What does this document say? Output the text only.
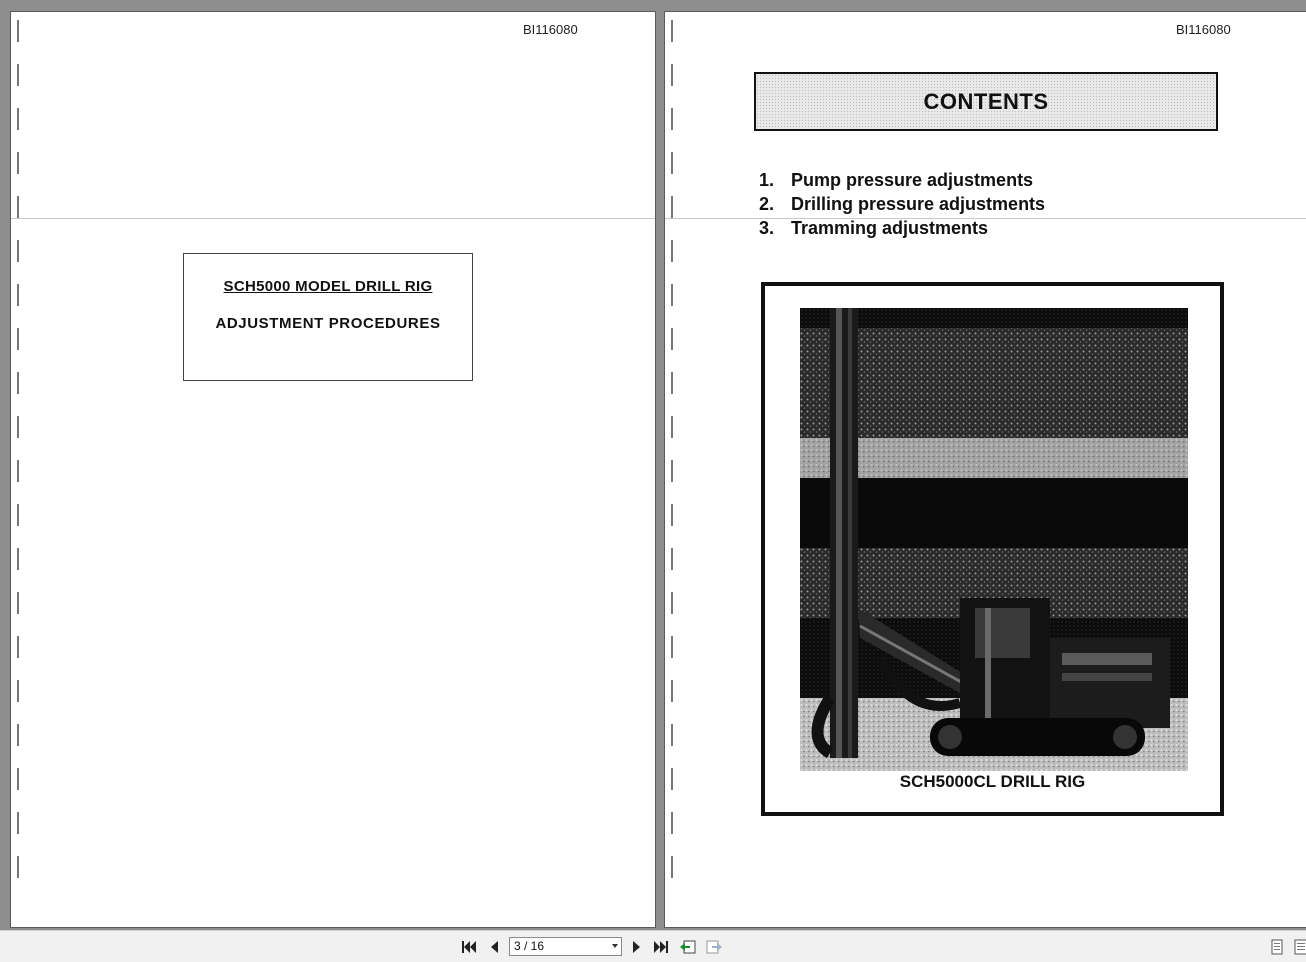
BI116080
SCH5000 MODEL DRILL RIG
ADJUSTMENT PROCEDURES
BI116080
CONTENTS
1. Pump pressure adjustments
2. Drilling pressure adjustments
3. Tramming adjustments
SCH5000CL DRILL RIG
3 / 16
